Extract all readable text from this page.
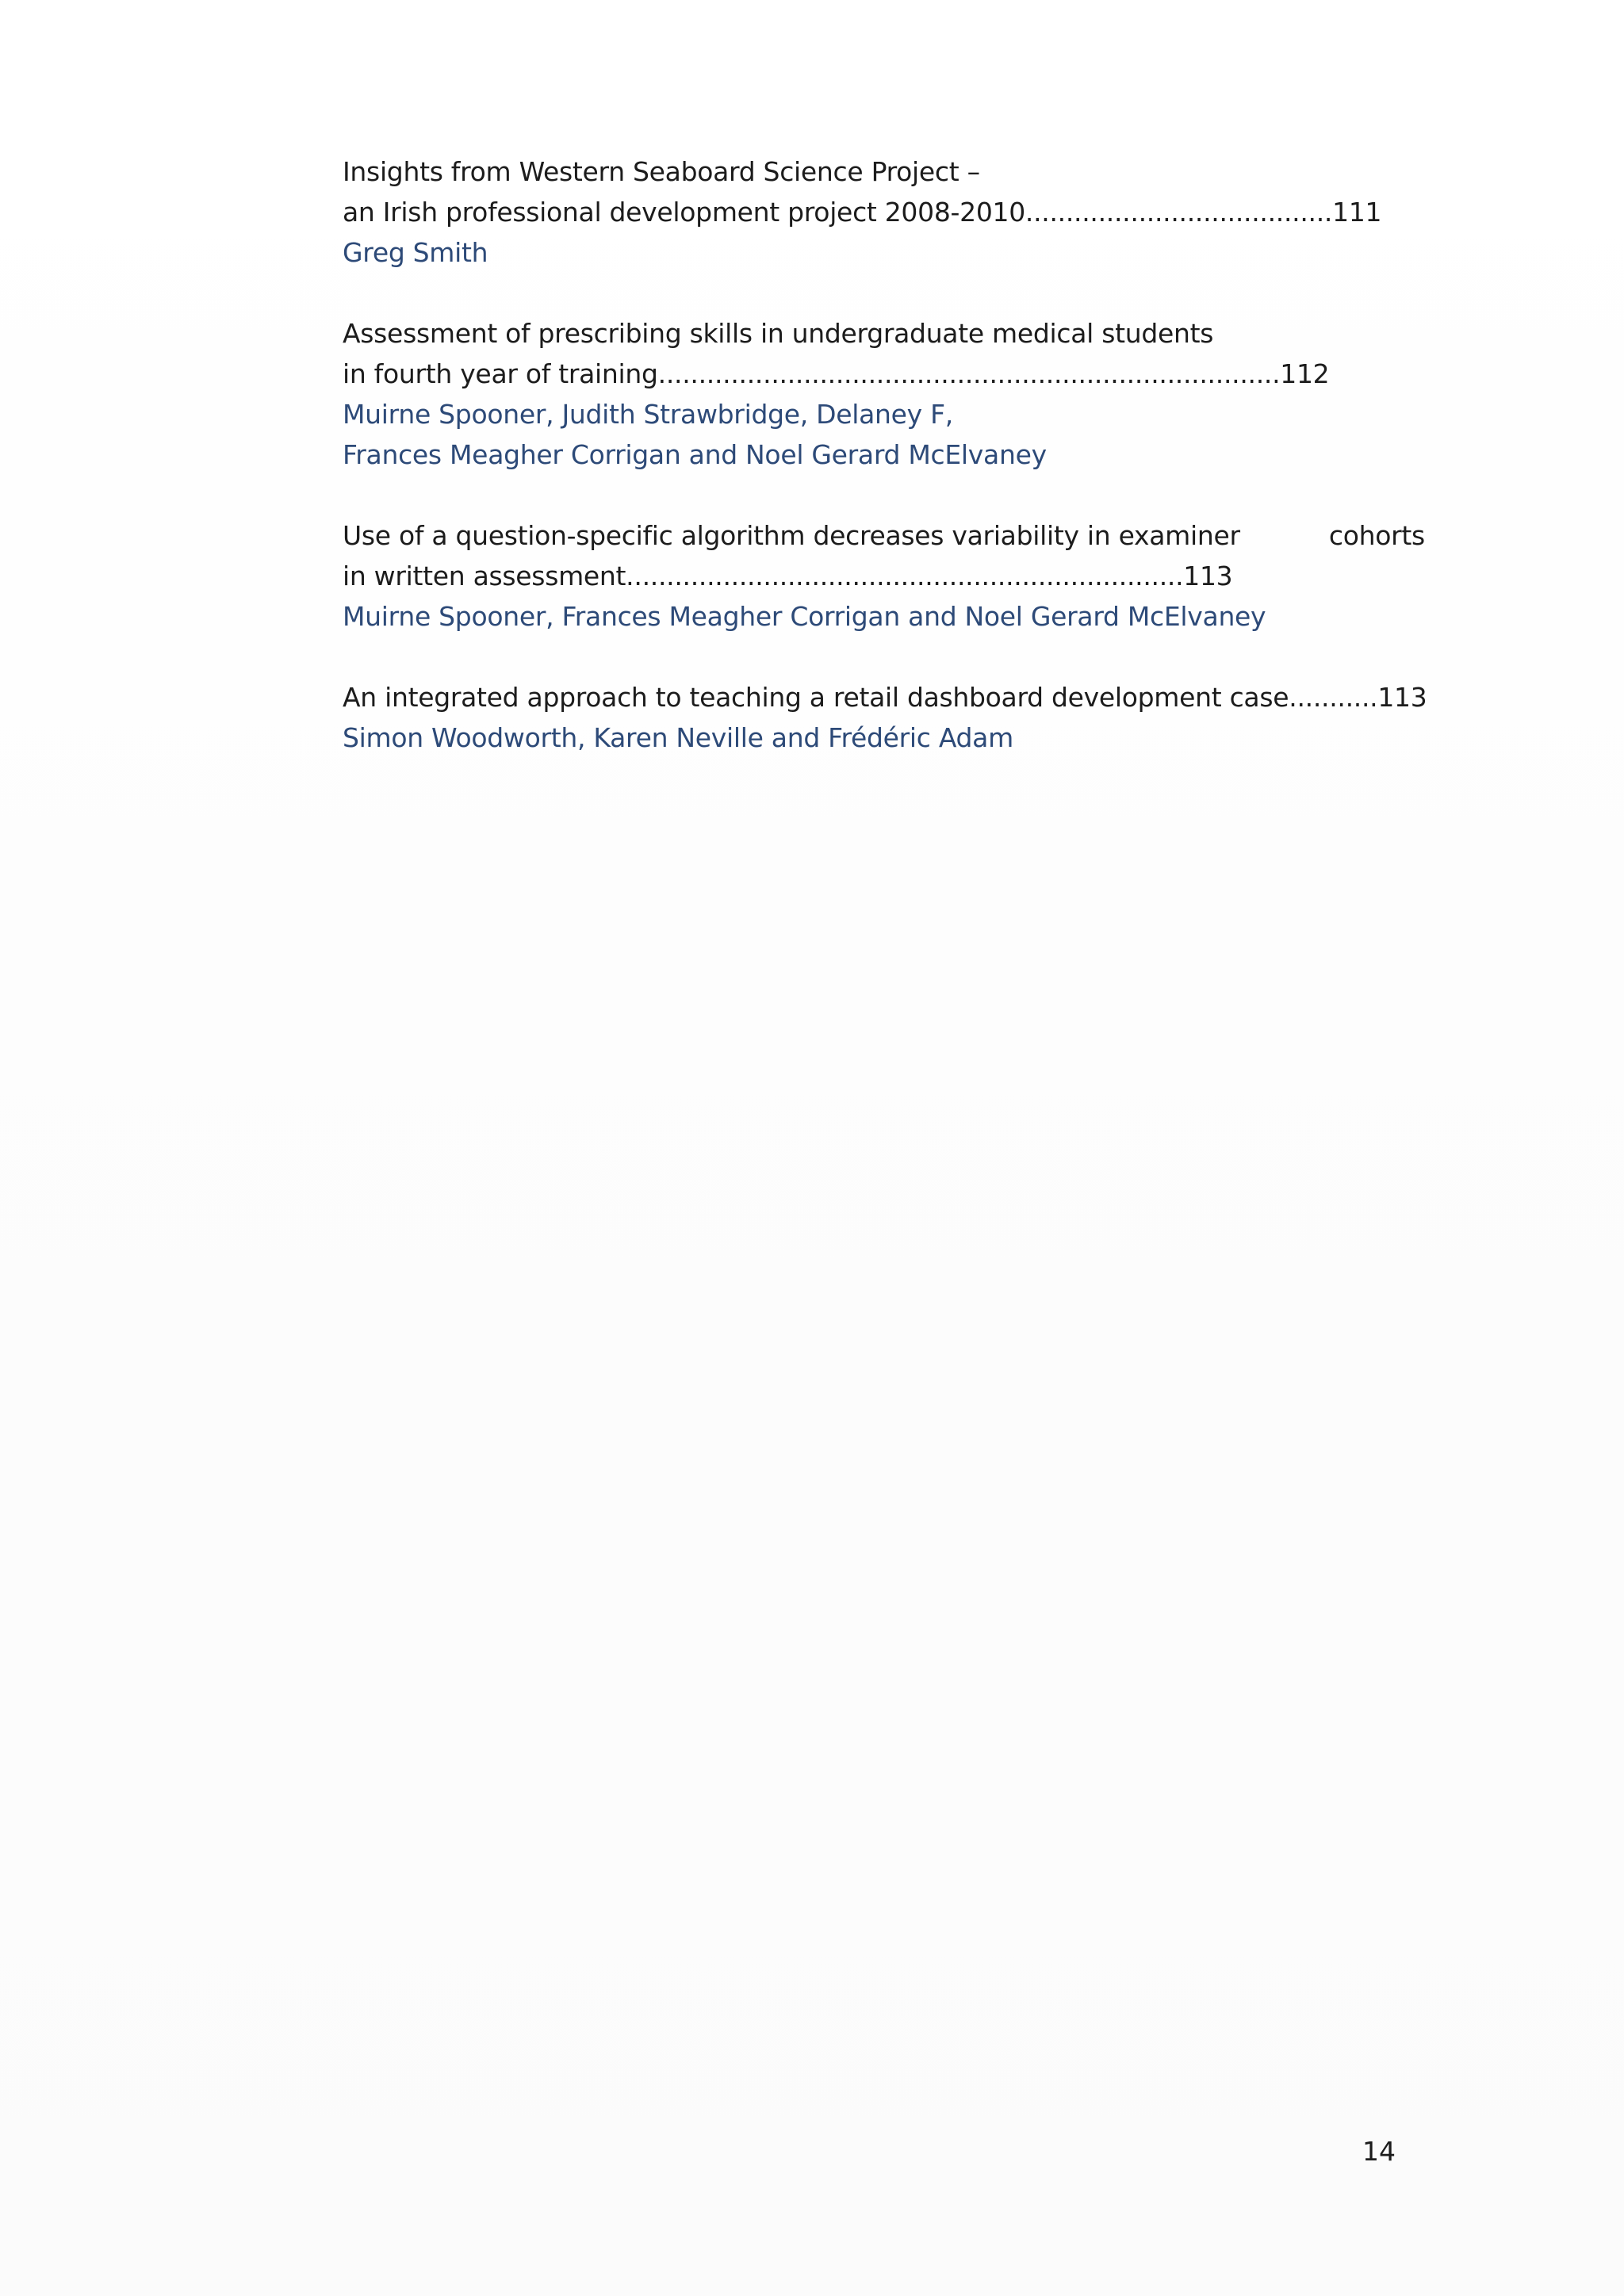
Insights from Western Seaboard Science Project –
an Irish professional development project 2008-2010......................................111
Greg Smith
Assessment of prescribing skills in undergraduate medical students
in fourth year of training.............................................................................112
Muirne Spooner, Judith Strawbridge, Delaney F,
Frances Meagher Corrigan and Noel Gerard McElvaney
Use of a question-specific algorithm decreases variability in examiner           cohorts
in written assessment.....................................................................113
Muirne Spooner, Frances Meagher Corrigan and Noel Gerard McElvaney
An integrated approach to teaching a retail dashboard development case...........113
Simon Woodworth, Karen Neville and Frédéric Adam
14
